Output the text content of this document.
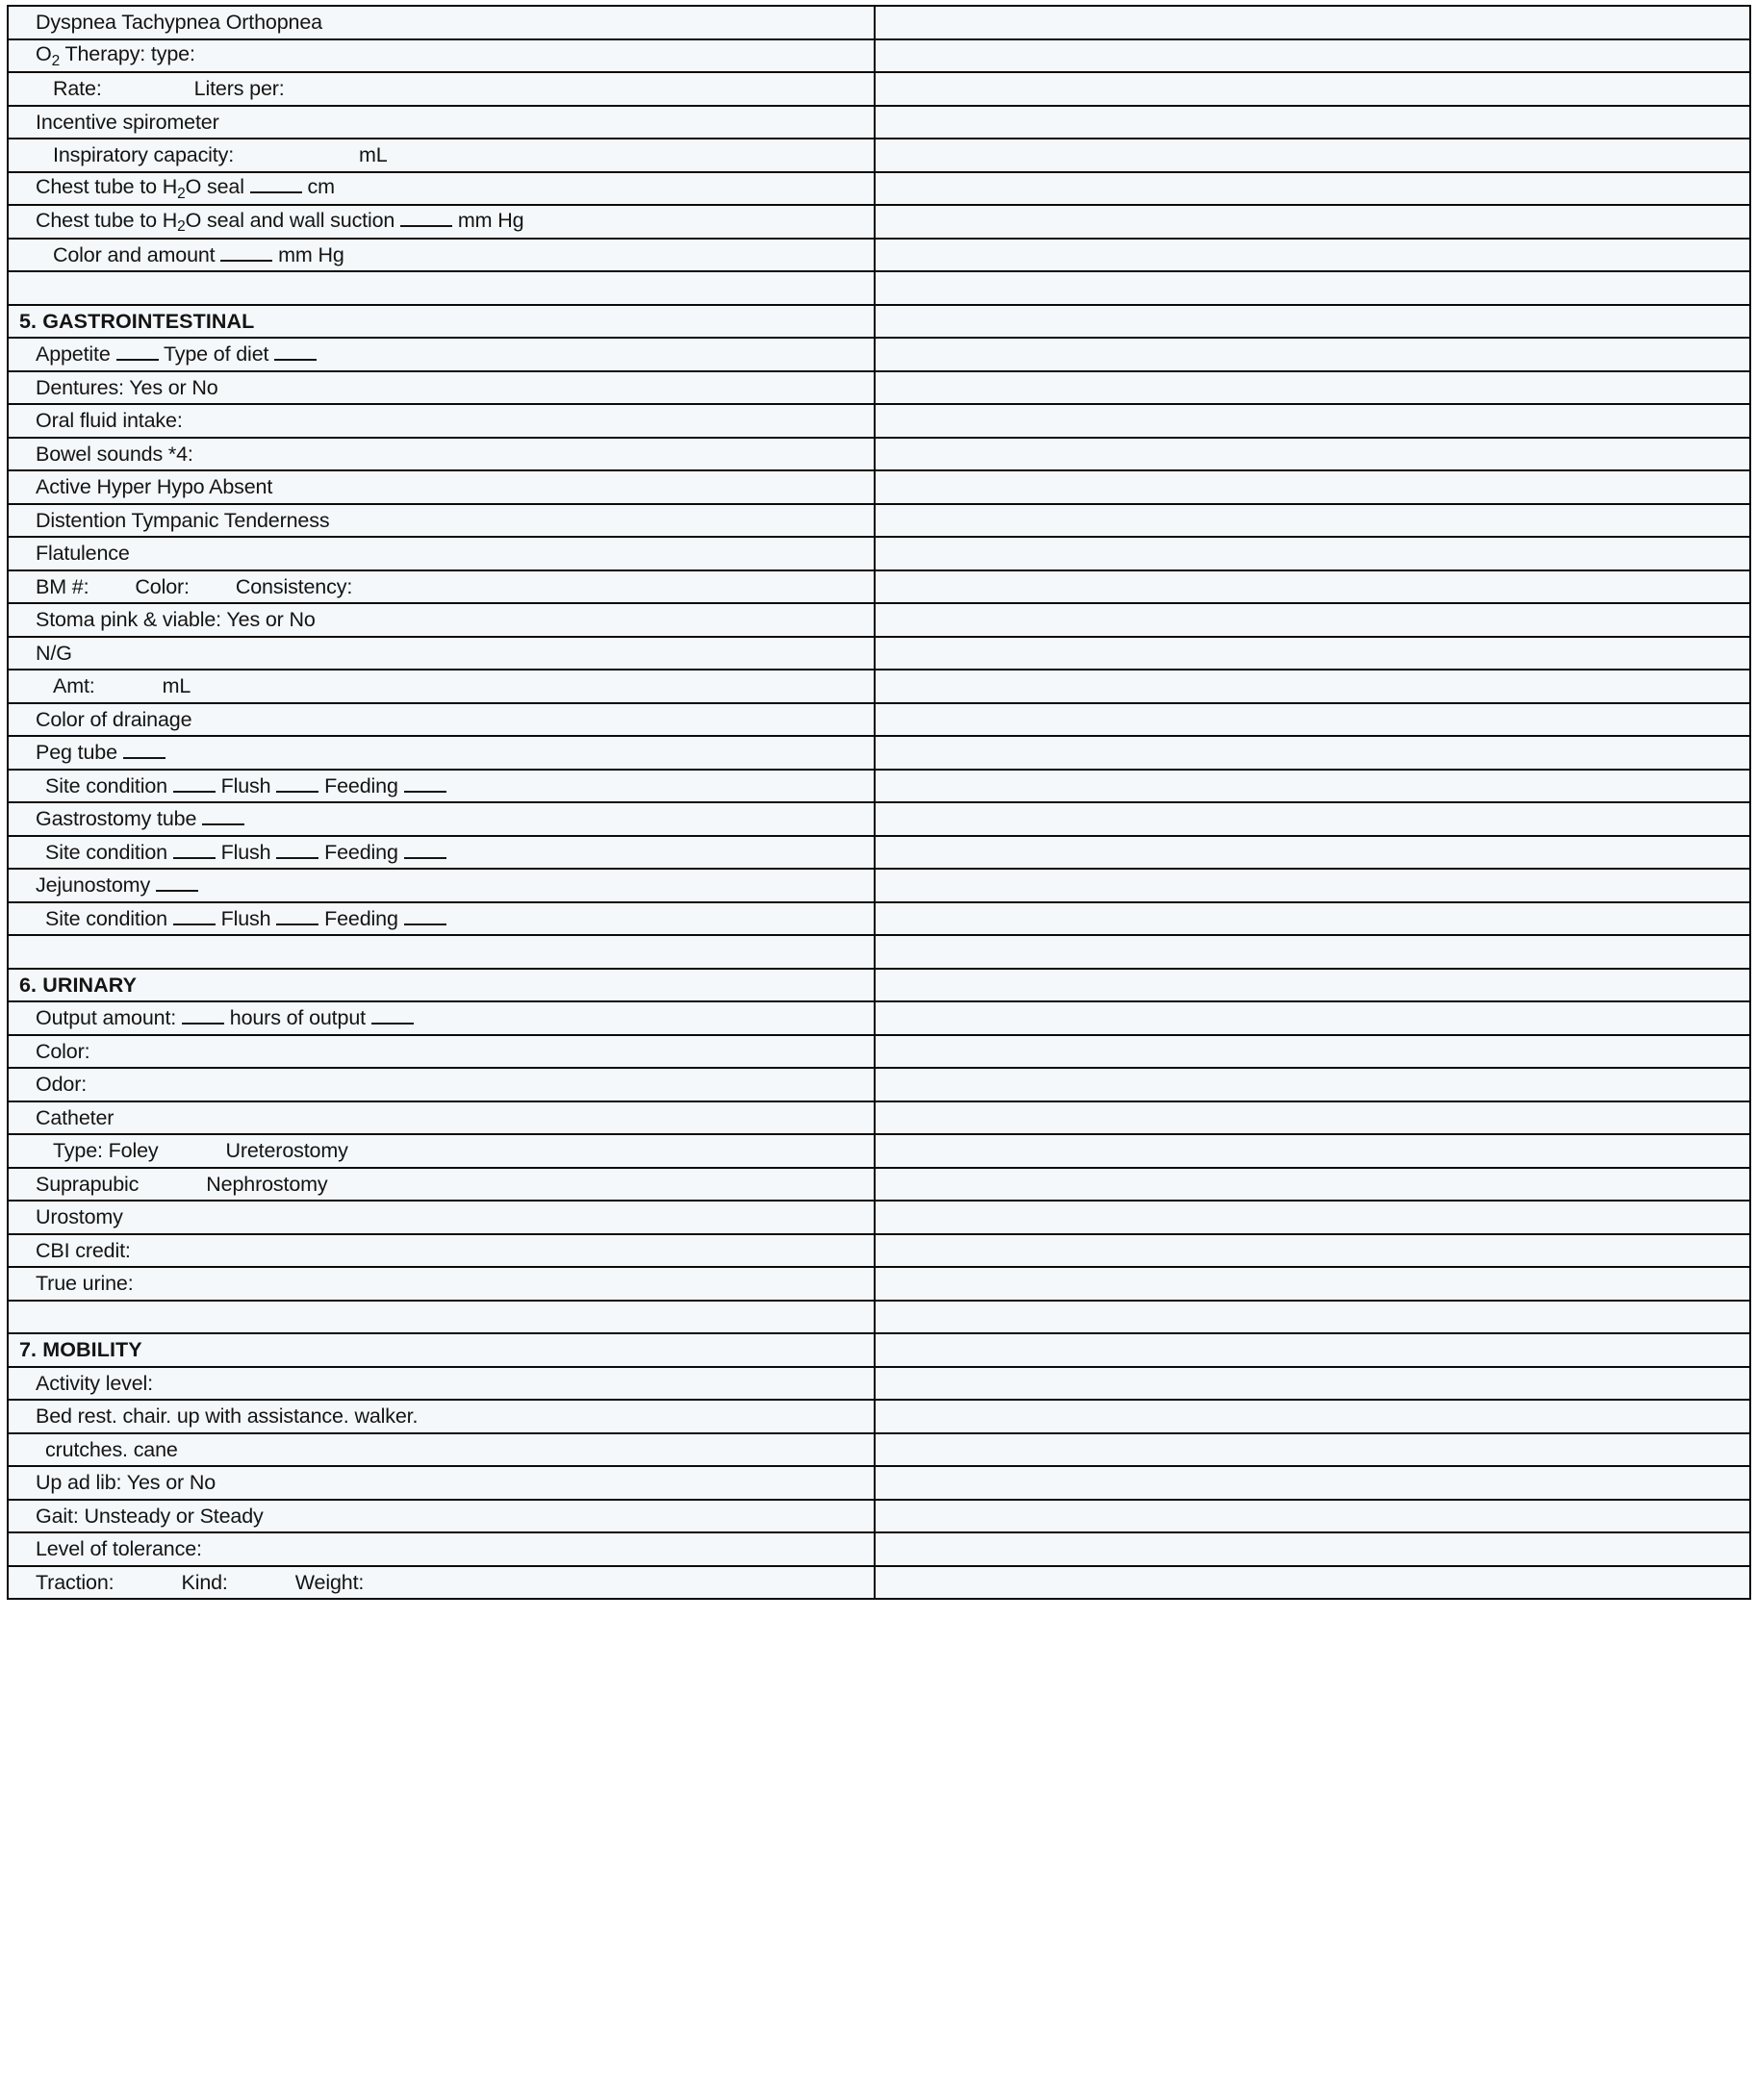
Dyspnea Tachypnea Orthopnea	

$O_2$ Therapy: type:	

Rate: Liters per:	

Incentive spirometer	

Inspiratory capacity: mL	

Chest tube to $H_2O$ seal cm	

Chest tube to $H_2O$ seal and wall suction mm Hg	

Color and amount mm Hg	

5. GASTROINTESTINAL	

Appetite  Type of diet	

Dentures: Yes or No	

Oral fluid intake:	

Bowel sounds *4:	

Active Hyper Hypo Absent	

Distention Tympanic Tenderness	

Flatulence	

BM #: Color: Consistency:	

Stoma pink & viable: Yes or No	

N/G	

Amt: mL	

Color of drainage	

Peg tube	

Site condition  Flush  Feeding	

Gastrostomy tube	

Site condition  Flush  Feeding	

Jejunostomy	

Site condition  Flush  Feeding	

6. URINARY	

Output amount:  hours of output	

Color:	

Odor:	

Catheter	

Type: Foley Ureterostomy	

Suprapubic Nephrostomy	

Urostomy	

CBI credit:	

True urine:	

7. MOBILITY	

Activity level:	

Bed rest. chair. up with assistance. walker.	

crutches. cane	

Up ad lib: Yes or No	

Gait: Unsteady or Steady	

Level of tolerance:	

Traction: Kind: Weight:	
